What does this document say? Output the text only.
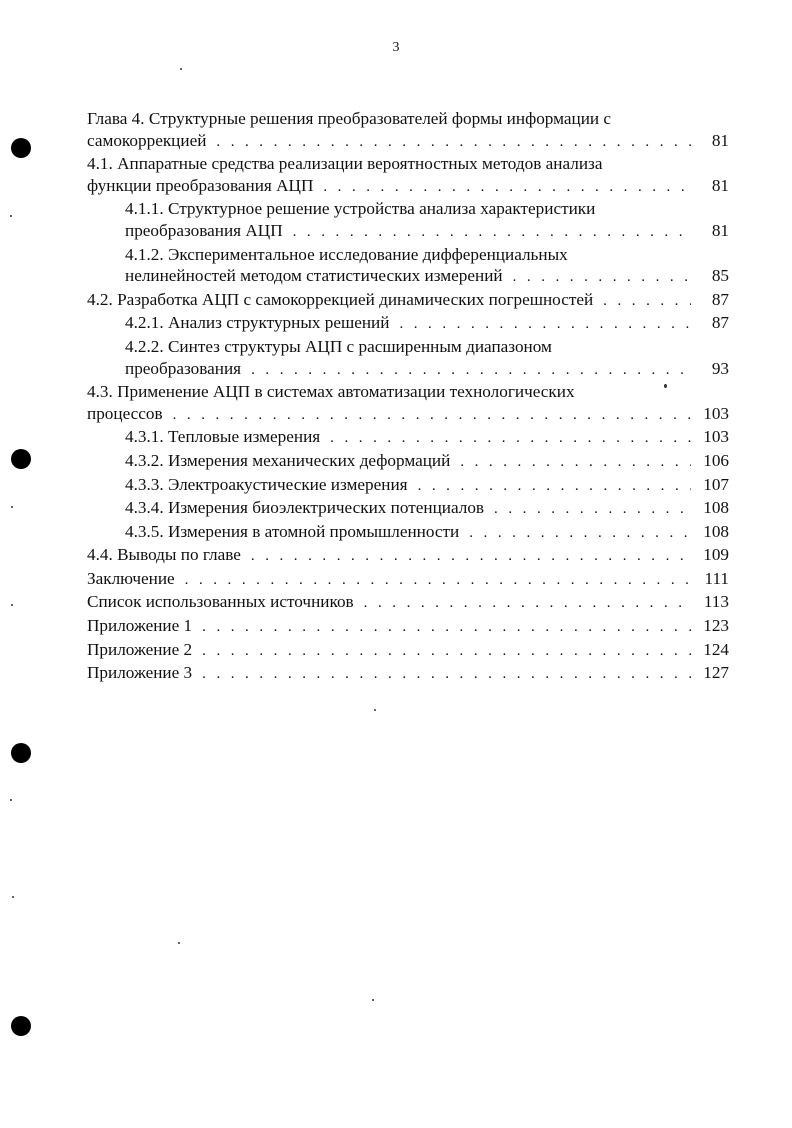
3
Глава 4. Структурные решения преобразователей формы информации с
самокоррекцией . . .	81
4.1. Аппаратные средства реализации вероятностных методов анализа
функции преобразования АЦП . . .	81
4.1.1. Структурное решение устройства анализа характеристики
преобразования АЦП . . .	81
4.1.2. Экспериментальное исследование дифференциальных
нелинейностей методом статистических измерений . . .	85
4.2. Разработка АЦП с самокоррекцией динамических погрешностей . . .	87
4.2.1. Анализ структурных решений . . .	87
4.2.2. Синтез структуры АЦП с расширенным диапазоном
преобразования . . .	93
4.3. Применение АЦП в системах автоматизации технологических
процессов . . .	103
4.3.1. Тепловые измерения . . .	103
4.3.2. Измерения механических деформаций . . .	106
4.3.3. Электроакустические измерения . . .	107
4.3.4. Измерения биоэлектрических потенциалов . . .	108
4.3.5. Измерения в атомной промышленности . . .	108
4.4. Выводы по главе . . .	109
Заключение . . .	111
Список использованных источников . . .	113
Приложение 1 . . .	123
Приложение 2 . . .	124
Приложение 3 . . .	127
